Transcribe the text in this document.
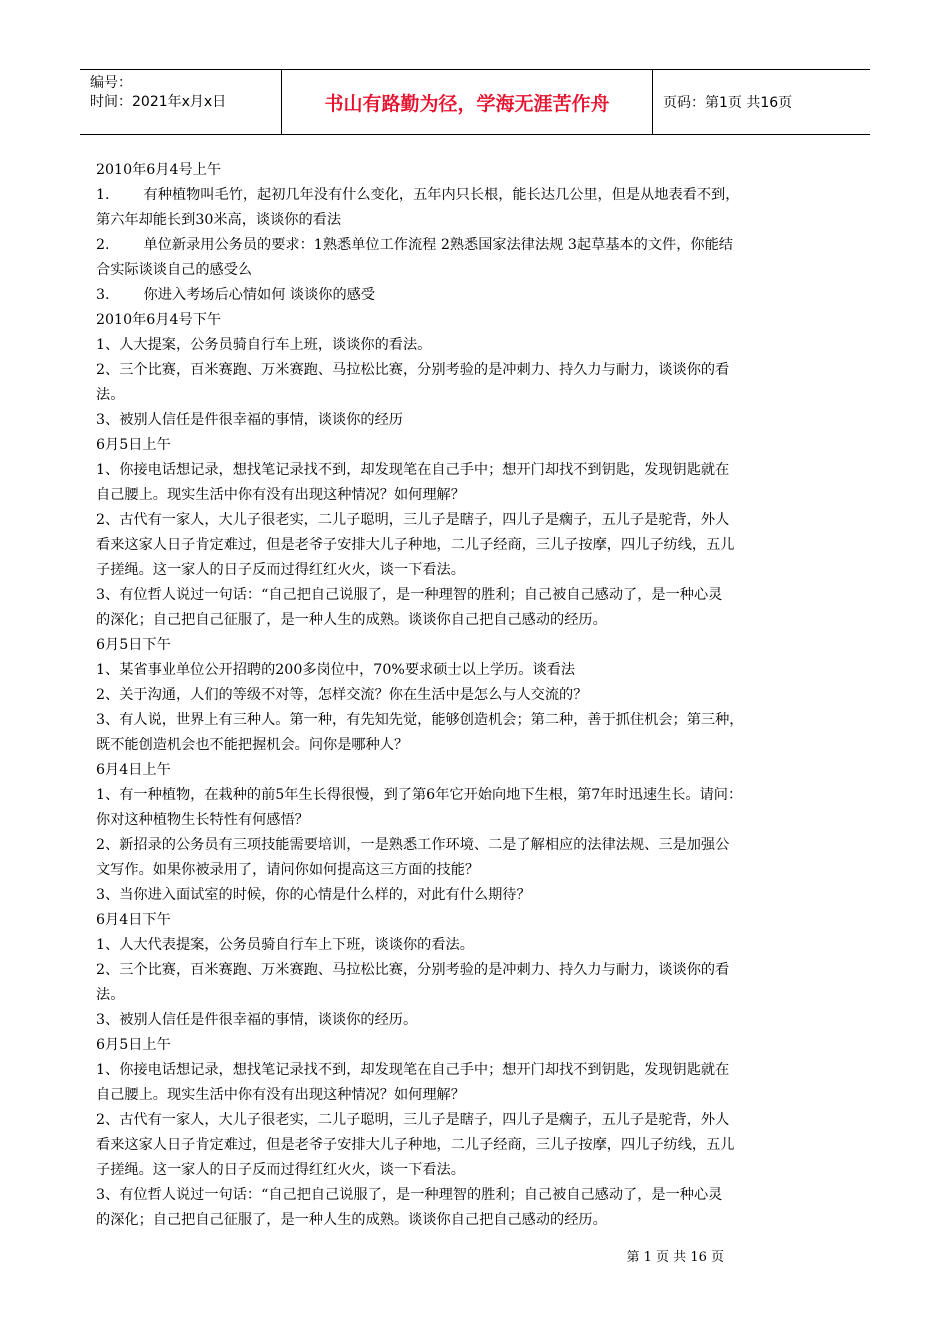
编号：
时间：2021年x月x日	书山有路勤为径，学海无涯苦作舟	页码：第1页 共16页
2010年6月4号上午
1. 有种植物叫毛竹，起初几年没有什么变化，五年内只长根，能长达几公里，但是从地表看不到，
第六年却能长到30米高，谈谈你的看法
2. 单位新录用公务员的要求：1熟悉单位工作流程 2熟悉国家法律法规 3起草基本的文件，你能结
合实际谈谈自己的感受么
3. 你进入考场后心情如何 谈谈你的感受
2010年6月4号下午
1、人大提案，公务员骑自行车上班，谈谈你的看法。
2、三个比赛，百米赛跑、万米赛跑、马拉松比赛，分别考验的是冲刺力、持久力与耐力，谈谈你的看
法。
3、被别人信任是件很幸福的事情，谈谈你的经历
6月5日上午
1、你接电话想记录，想找笔记录找不到，却发现笔在自己手中；想开门却找不到钥匙，发现钥匙就在
自己腰上。现实生活中你有没有出现这种情况？如何理解？
2、古代有一家人，大儿子很老实，二儿子聪明，三儿子是瞎子，四儿子是瘸子，五儿子是驼背，外人
看来这家人日子肯定难过，但是老爷子安排大儿子种地，二儿子经商，三儿子按摩，四儿子纺线，五儿
子搓绳。这一家人的日子反而过得红红火火，谈一下看法。
3、有位哲人说过一句话：“自己把自己说服了，是一种理智的胜利；自己被自己感动了，是一种心灵
的深化；自己把自己征服了，是一种人生的成熟。谈谈你自己把自己感动的经历。
6月5日下午
1、某省事业单位公开招聘的200多岗位中，70%要求硕士以上学历。谈看法
2、关于沟通，人们的等级不对等，怎样交流？你在生活中是怎么与人交流的？
3、有人说，世界上有三种人。第一种，有先知先觉，能够创造机会；第二种，善于抓住机会；第三种，
既不能创造机会也不能把握机会。问你是哪种人？
6月4日上午
1、有一种植物，在栽种的前5年生长得很慢，到了第6年它开始向地下生根，第7年时迅速生长。请问：
你对这种植物生长特性有何感悟？
2、新招录的公务员有三项技能需要培训，一是熟悉工作环境、二是了解相应的法律法规、三是加强公
文写作。如果你被录用了，请问你如何提高这三方面的技能？
3、当你进入面试室的时候，你的心情是什么样的，对此有什么期待？
6月4日下午
1、人大代表提案，公务员骑自行车上下班，谈谈你的看法。
2、三个比赛，百米赛跑、万米赛跑、马拉松比赛，分别考验的是冲刺力、持久力与耐力，谈谈你的看
法。
3、被别人信任是件很幸福的事情，谈谈你的经历。
6月5日上午
1、你接电话想记录，想找笔记录找不到，却发现笔在自己手中；想开门却找不到钥匙，发现钥匙就在
自己腰上。现实生活中你有没有出现这种情况？如何理解？
2、古代有一家人，大儿子很老实，二儿子聪明，三儿子是瞎子，四儿子是瘸子，五儿子是驼背，外人
看来这家人日子肯定难过，但是老爷子安排大儿子种地，二儿子经商，三儿子按摩，四儿子纺线，五儿
子搓绳。这一家人的日子反而过得红红火火，谈一下看法。
3、有位哲人说过一句话：“自己把自己说服了，是一种理智的胜利；自己被自己感动了，是一种心灵
的深化；自己把自己征服了，是一种人生的成熟。谈谈你自己把自己感动的经历。
第 1 页 共 16 页
